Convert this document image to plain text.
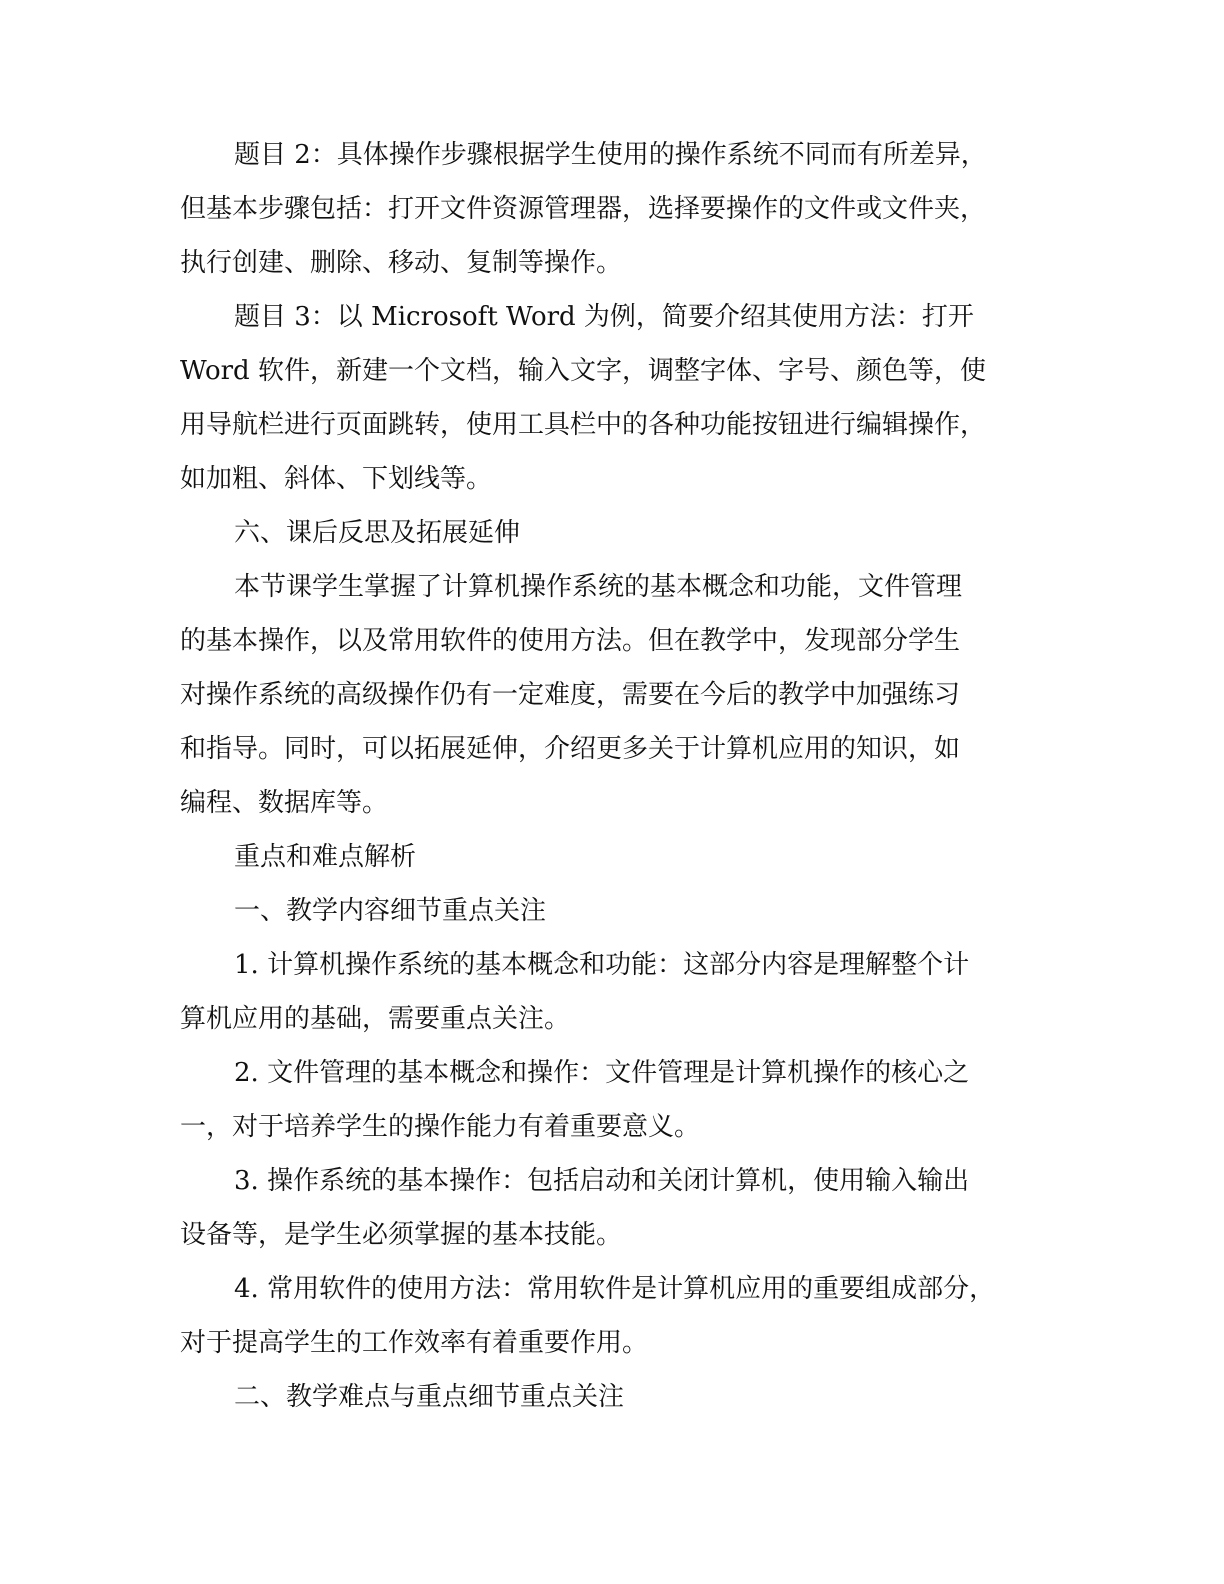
题目 2：具体操作步骤根据学生使用的操作系统不同而有所差异，
但基本步骤包括：打开文件资源管理器，选择要操作的文件或文件夹，
执行创建、删除、移动、复制等操作。
题目 3：以 Microsoft Word 为例，简要介绍其使用方法：打开
Word 软件，新建一个文档，输入文字，调整字体、字号、颜色等，使
用导航栏进行页面跳转，使用工具栏中的各种功能按钮进行编辑操作，
如加粗、斜体、下划线等。
六、课后反思及拓展延伸
本节课学生掌握了计算机操作系统的基本概念和功能，文件管理
的基本操作，以及常用软件的使用方法。但在教学中，发现部分学生
对操作系统的高级操作仍有一定难度，需要在今后的教学中加强练习
和指导。同时，可以拓展延伸，介绍更多关于计算机应用的知识，如
编程、数据库等。
重点和难点解析
一、教学内容细节重点关注
1. 计算机操作系统的基本概念和功能：这部分内容是理解整个计
算机应用的基础，需要重点关注。
2. 文件管理的基本概念和操作：文件管理是计算机操作的核心之
一，对于培养学生的操作能力有着重要意义。
3. 操作系统的基本操作：包括启动和关闭计算机，使用输入输出
设备等，是学生必须掌握的基本技能。
4. 常用软件的使用方法：常用软件是计算机应用的重要组成部分，
对于提高学生的工作效率有着重要作用。
二、教学难点与重点细节重点关注
